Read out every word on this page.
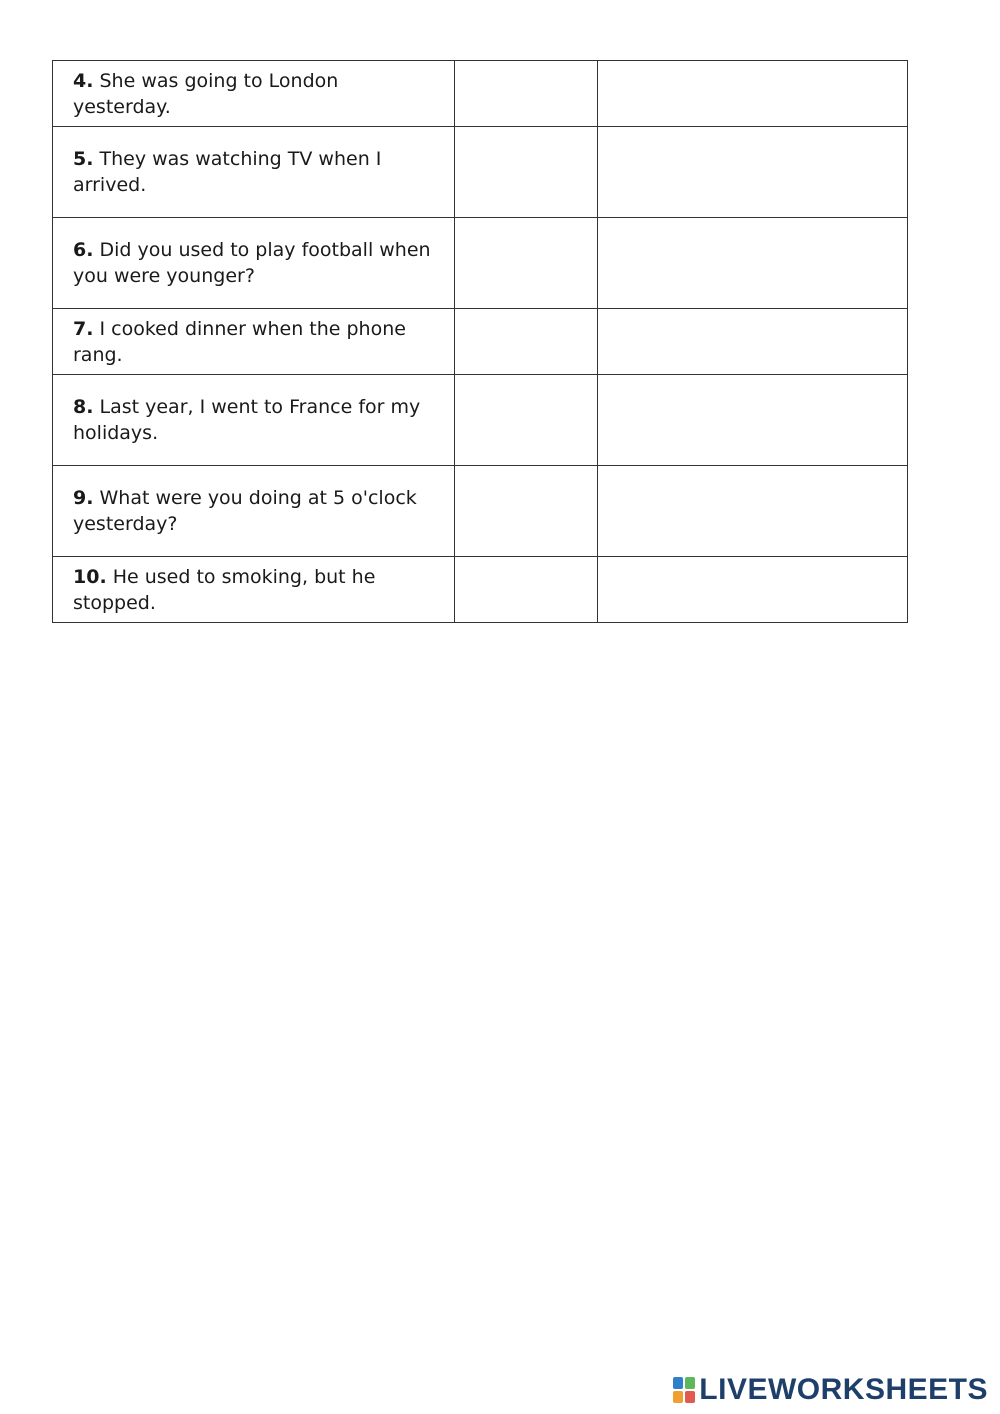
4. She was going to London yesterday.		
5. They was watching TV when I arrived.		
6. Did you used to play football when you were younger?		
7. I cooked dinner when the phone rang.		
8. Last year, I went to France for my holidays.		
9. What were you doing at 5 o'clock yesterday?		
10. He used to smoking, but he stopped.		
LIVEWORKSHEETS
